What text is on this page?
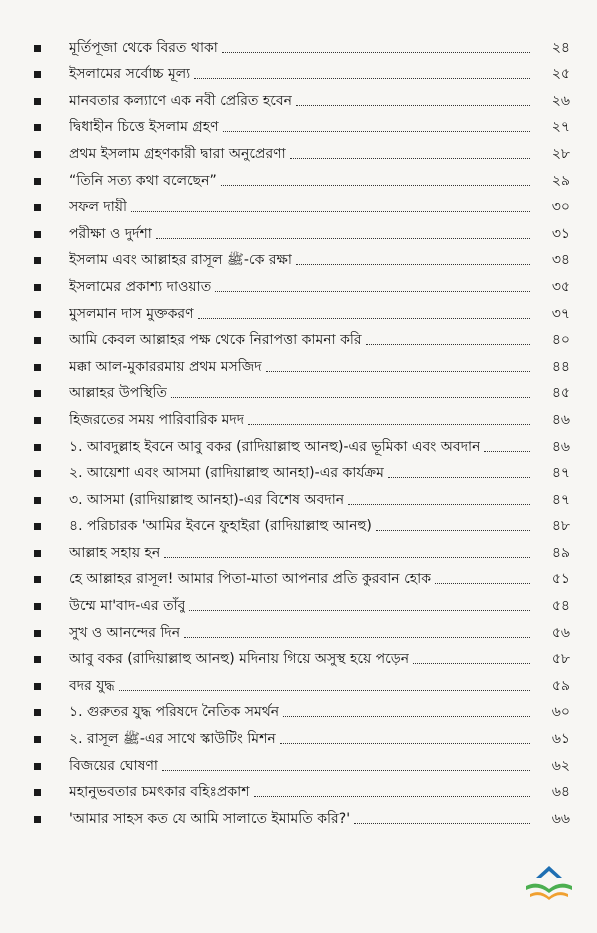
মূর্তিপূজা থেকে বিরত থাকা	২৪
ইসলামের সর্বোচ্চ মূল্য	২৫
মানবতার কল্যাণে এক নবী প্রেরিত হবেন	২৬
দ্বিধাহীন চিত্তে ইসলাম গ্রহণ	২৭
প্রথম ইসলাম গ্রহণকারী দ্বারা অনুপ্রেরণা	২৮
“তিনি সত্য কথা বলেছেন”	২৯
সফল দায়ী	৩০
পরীক্ষা ও দুর্দশা	৩১
ইসলাম এবং আল্লাহর রাসূল ﷺ-কে রক্ষা	৩৪
ইসলামের প্রকাশ্য দাওয়াত	৩৫
মুসলমান দাস মুক্তকরণ	৩৭
আমি কেবল আল্লাহর পক্ষ থেকে নিরাপত্তা কামনা করি	৪০
মক্কা আল-মুকাররমায় প্রথম মসজিদ	৪৪
আল্লাহর উপস্থিতি	৪৫
হিজরতের সময় পারিবারিক মদদ	৪৬
১. আবদুল্লাহ ইবনে আবু বকর (রাদিয়াল্লাহু আনহু)-এর ভূমিকা এবং অবদান	৪৬
২. আয়েশা এবং আসমা (রাদিয়াল্লাহু আনহা)-এর কার্যক্রম	৪৭
৩. আসমা (রাদিয়াল্লাহু আনহা)-এর বিশেষ অবদান	৪৭
৪. পরিচারক 'আমির ইবনে ফুহাইরা (রাদিয়াল্লাহু আনহু)	৪৮
আল্লাহ সহায় হন	৪৯
হে আল্লাহর রাসূল! আমার পিতা-মাতা আপনার প্রতি কুরবান হোক	৫১
উম্মে মা'বাদ-এর তাঁবু	৫৪
সুখ ও আনন্দের দিন	৫৬
আবু বকর (রাদিয়াল্লাহু আনহু) মদিনায় গিয়ে অসুস্থ হয়ে পড়েন	৫৮
বদর যুদ্ধ	৫৯
১. গুরুতর যুদ্ধ পরিষদে নৈতিক সমর্থন	৬০
২. রাসূল ﷺ-এর সাথে স্কাউটিং মিশন	৬১
বিজয়ের ঘোষণা	৬২
মহানুভবতার চমৎকার বহিঃপ্রকাশ	৬৪
'আমার সাহস কত যে আমি সালাতে ইমামতি করি?'	৬৬
